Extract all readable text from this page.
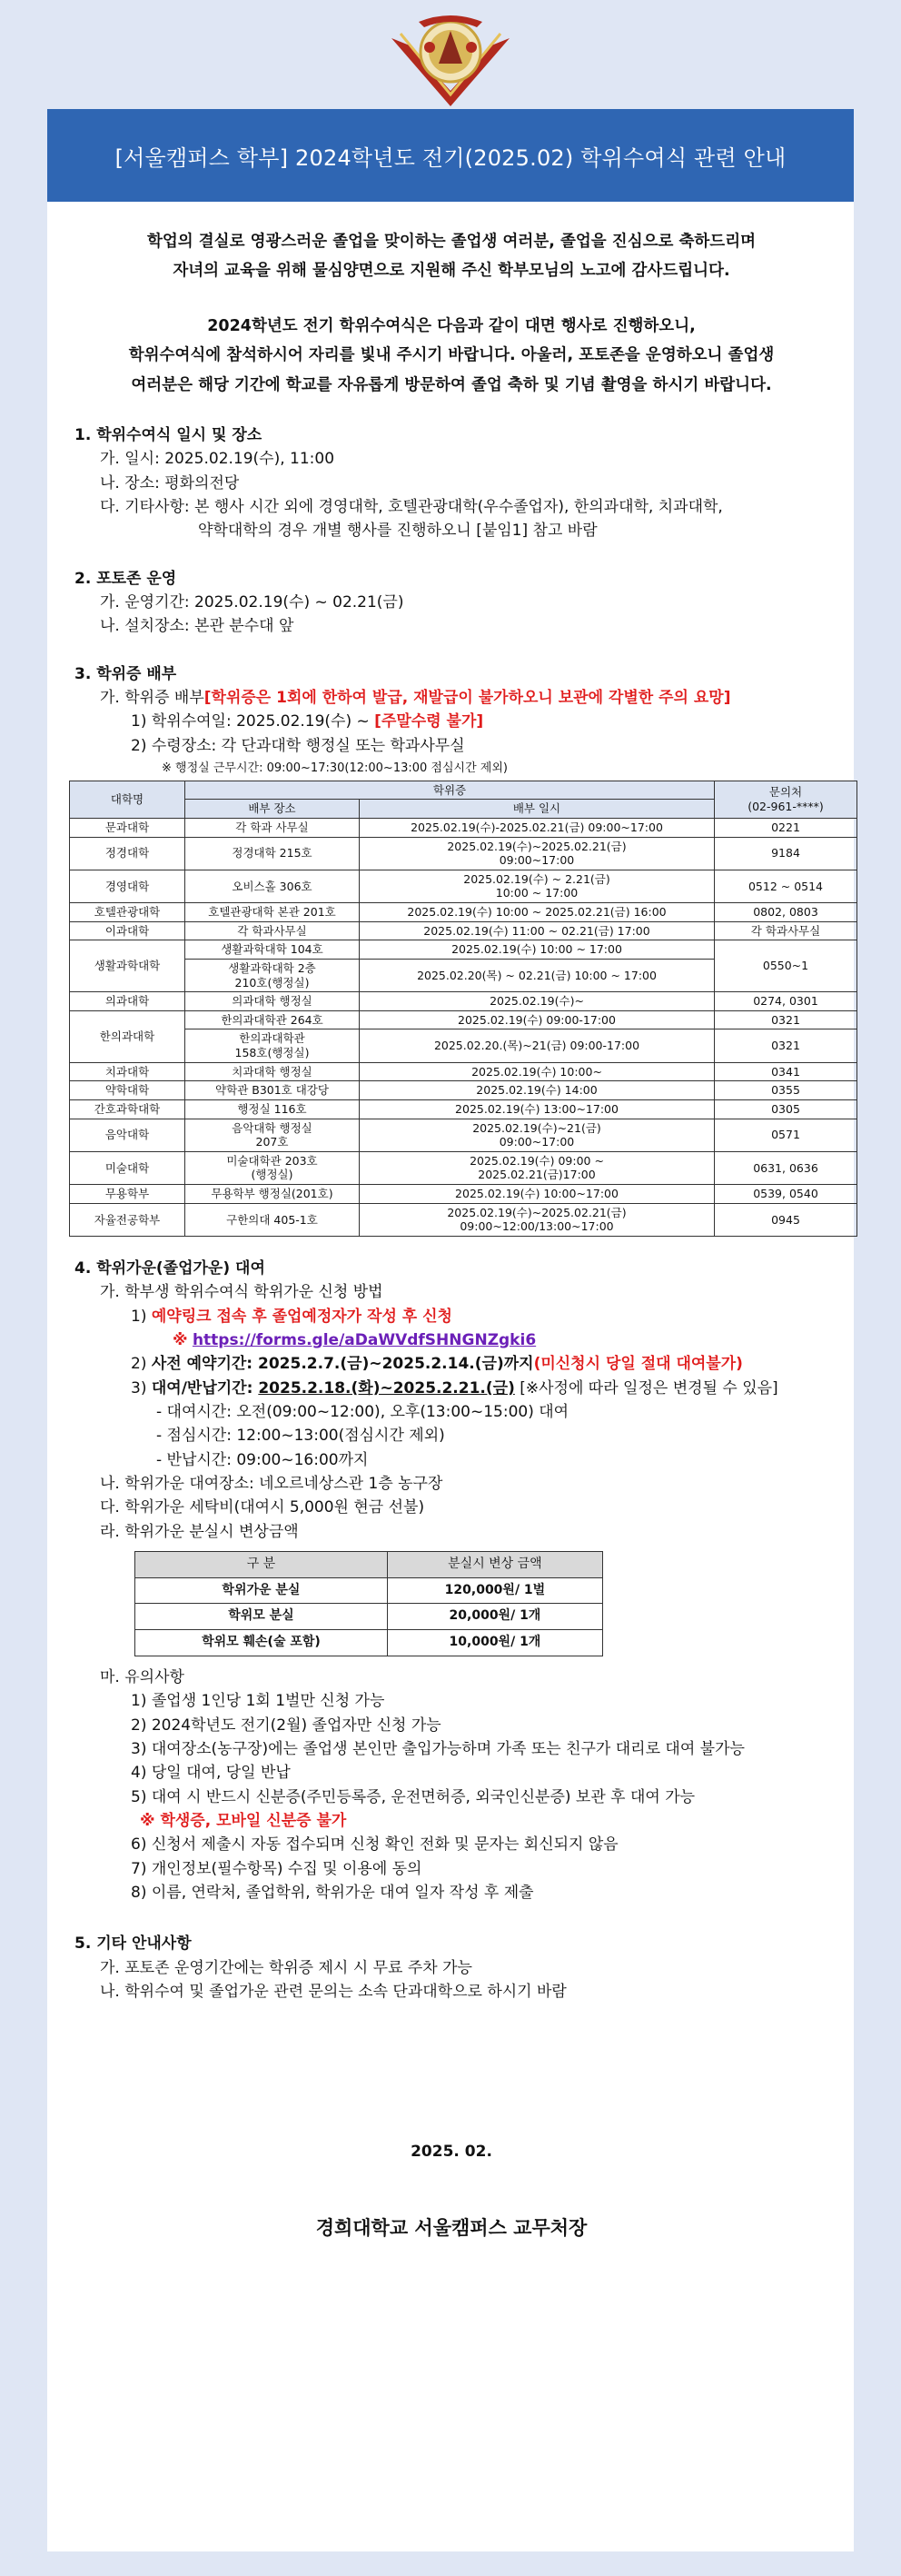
[서울캠퍼스 학부] 2024학년도 전기(2025.02) 학위수여식 관련 안내

학업의 결실로 영광스러운 졸업을 맞이하는 졸업생 여러분, 졸업을 진심으로 축하드리며

자녀의 교육을 위해 물심양면으로 지원해 주신 학부모님의 노고에 감사드립니다.

2024학년도 전기 학위수여식은 다음과 같이 대면 행사로 진행하오니,

학위수여식에 참석하시어 자리를 빛내 주시기 바랍니다. 아울러, 포토존을 운영하오니 졸업생

여러분은 해당 기간에 학교를 자유롭게 방문하여 졸업 축하 및 기념 촬영을 하시기 바랍니다.

1. 학위수여식 일시 및 장소
가. 일시: 2025.02.19(수), 11:00
나. 장소: 평화의전당
다. 기타사항: 본 행사 시간 외에 경영대학, 호텔관광대학(우수졸업자), 한의과대학, 치과대학,
약학대학의 경우 개별 행사를 진행하오니 [붙임1] 참고 바람
2. 포토존 운영
가. 운영기간: 2025.02.19(수) ~ 02.21(금)
나. 설치장소: 본관 분수대 앞
3. 학위증 배부
가. 학위증 배부[학위증은 1회에 한하여 발급, 재발급이 불가하오니 보관에 각별한 주의 요망]
1) 학위수여일: 2025.02.19(수) ~ [주말수령 불가]
2) 수령장소: 각 단과대학 행정실 또는 학과사무실
※ 행정실 근무시간: 09:00~17:30(12:00~13:00 점심시간 제외)
대학명	학위증		문의처
(02-961-****)
	배부 장소	배부 일시	
문과대학	각 학과 사무실	2025.02.19(수)-2025.02.21(금) 09:00~17:00	0221
정경대학	정경대학 215호	2025.02.19(수)~2025.02.21(금)
09:00~17:00	9184
경영대학	오비스홀 306호	2025.02.19(수) ~ 2.21(금)
10:00 ~ 17:00	0512 ~ 0514
호텔관광대학	호텔관광대학 본관 201호	2025.02.19(수) 10:00 ~ 2025.02.21(금) 16:00	0802, 0803
이과대학	각 학과사무실	2025.02.19(수) 11:00 ~ 02.21(금) 17:00	각 학과사무실
생활과학대학	생활과학대학 104호	2025.02.19(수) 10:00 ~ 17:00	0550~1
	생활과학대학 2층
210호(행정실)	2025.02.20(목) ~ 02.21(금) 10:00 ~ 17:00	
의과대학	의과대학 행정실	2025.02.19(수)~	0274, 0301
한의과대학	한의과대학관 264호	2025.02.19(수) 09:00-17:00	0321
	한의과대학관
158호(행정실)	2025.02.20.(목)~21(금) 09:00-17:00	0321
치과대학	치과대학 행정실	2025.02.19(수) 10:00~	0341
약학대학	약학관 B301호 대강당	2025.02.19(수) 14:00	0355
간호과학대학	행정실 116호	2025.02.19(수) 13:00~17:00	0305
음악대학	음악대학 행정실
207호	2025.02.19(수)~21(금)
09:00~17:00	0571
미술대학	미술대학관 203호
(행정실)	2025.02.19(수) 09:00 ~
2025.02.21(금)17:00	0631, 0636
무용학부	무용학부 행정실(201호)	2025.02.19(수) 10:00~17:00	0539, 0540
자율전공학부	구한의대 405-1호	2025.02.19(수)~2025.02.21(금)
09:00~12:00/13:00~17:00	0945
4. 학위가운(졸업가운) 대여
가. 학부생 학위수여식 학위가운 신청 방법
1) 예약링크 접속 후 졸업예정자가 작성 후 신청
※ https://forms.gle/aDaWVdfSHNGNZgki6
2) 사전 예약기간: 2025.2.7.(금)~2025.2.14.(금)까지(미신청시 당일 절대 대여불가)
3) 대여/반납기간: 2025.2.18.(화)~2025.2.21.(금) [※사정에 따라 일정은 변경될 수 있음]
- 대여시간: 오전(09:00~12:00), 오후(13:00~15:00) 대여
- 점심시간: 12:00~13:00(점심시간 제외)
- 반납시간: 09:00~16:00까지
나. 학위가운 대여장소: 네오르네상스관 1층 농구장
다. 학위가운 세탁비(대여시 5,000원 현금 선불)
라. 학위가운 분실시 변상금액
구 분	분실시 변상 금액
학위가운 분실	120,000원/ 1벌
학위모 분실	20,000원/ 1개
학위모 훼손(술 포함)	10,000원/ 1개
마. 유의사항
1) 졸업생 1인당 1회 1벌만 신청 가능
2) 2024학년도 전기(2월) 졸업자만 신청 가능
3) 대여장소(농구장)에는 졸업생 본인만 출입가능하며 가족 또는 친구가 대리로 대여 불가능
4) 당일 대여, 당일 반납
5) 대여 시 반드시 신분증(주민등록증, 운전면허증, 외국인신분증) 보관 후 대여 가능
※ 학생증, 모바일 신분증 불가
6) 신청서 제출시 자동 접수되며 신청 확인 전화 및 문자는 회신되지 않음
7) 개인정보(필수항목) 수집 및 이용에 동의
8) 이름, 연락처, 졸업학위, 학위가운 대여 일자 작성 후 제출
5. 기타 안내사항
가. 포토존 운영기간에는 학위증 제시 시 무료 주차 가능
나. 학위수여 및 졸업가운 관련 문의는 소속 단과대학으로 하시기 바람
2025. 02.
경희대학교 서울캠퍼스 교무처장
